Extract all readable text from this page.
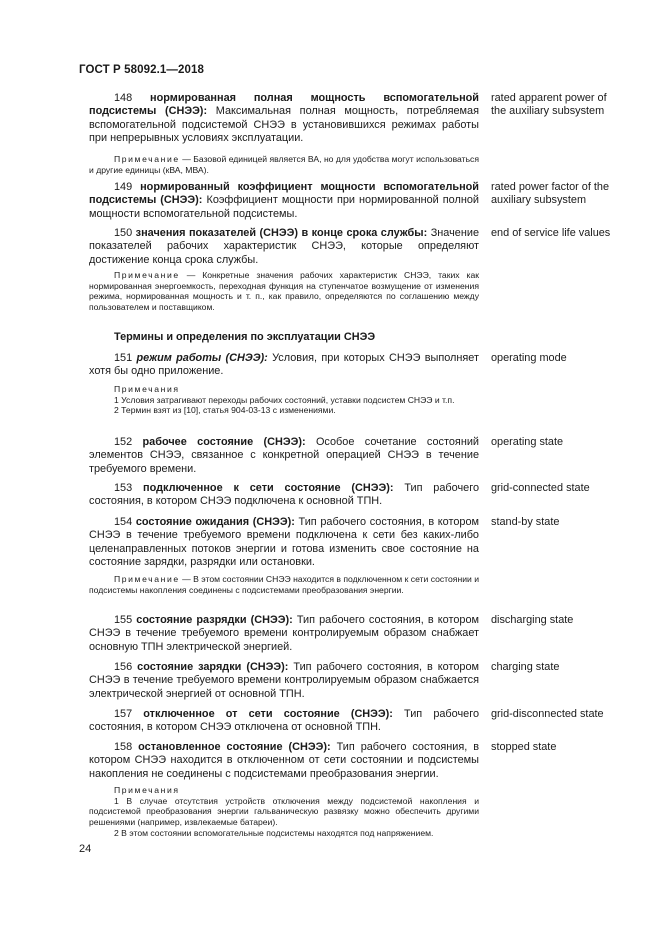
ГОСТ Р 58092.1—2018
148 нормированная полная мощность вспомогательной подсистемы (СНЭЭ): Максимальная полная мощность, потребляемая вспомогательной подсистемой СНЭЭ в установившихся режимах работы при непрерывных условиях эксплуатации.
rated apparent power of the auxiliary subsystem
Примечание — Базовой единицей является ВА, но для удобства могут использоваться и другие единицы (кВА, МВА).
149 нормированный коэффициент мощности вспомогательной подсистемы (СНЭЭ): Коэффициент мощности при нормированной полной мощности вспомогательной подсистемы.
rated power factor of the auxiliary subsystem
150 значения показателей (СНЭЭ) в конце срока службы: Значение показателей рабочих характеристик СНЭЭ, которые определяют достижение конца срока службы.
end of service life values
Примечание — Конкретные значения рабочих характеристик СНЭЭ, таких как нормированная энергоемкость, переходная функция на ступенчатое возмущение от изменения режима, нормированная мощность и т. п., как правило, определяются по соглашению между пользователем и поставщиком.
Термины и определения по эксплуатации СНЭЭ
151 режим работы (СНЭЭ): Условия, при которых СНЭЭ выполняет хотя бы одно приложение.
operating mode
Примечания
1 Условия затрагивают переходы рабочих состояний, уставки подсистем СНЭЭ и т.п.
2 Термин взят из [10], статья 904-03-13 с изменениями.
152 рабочее состояние (СНЭЭ): Особое сочетание состояний элементов СНЭЭ, связанное с конкретной операцией СНЭЭ в течение требуемого времени.
operating state
153 подключенное к сети состояние (СНЭЭ): Тип рабочего состояния, в котором СНЭЭ подключена к основной ТПН.
grid-connected state
154 состояние ожидания (СНЭЭ): Тип рабочего состояния, в котором СНЭЭ в течение требуемого времени подключена к сети без каких-либо целенаправленных потоков энергии и готова изменить свое состояние на состояние зарядки, разрядки или остановки.
stand-by state
Примечание — В этом состоянии СНЭЭ находится в подключенном к сети состоянии и подсистемы накопления соединены с подсистемами преобразования энергии.
155 состояние разрядки (СНЭЭ): Тип рабочего состояния, в котором СНЭЭ в течение требуемого времени контролируемым образом снабжает основную ТПН электрической энергией.
discharging state
156 состояние зарядки (СНЭЭ): Тип рабочего состояния, в котором СНЭЭ в течение требуемого времени контролируемым образом снабжается электрической энергией от основной ТПН.
charging state
157 отключенное от сети состояние (СНЭЭ): Тип рабочего состояния, в котором СНЭЭ отключена от основной ТПН.
grid-disconnected state
158 остановленное состояние (СНЭЭ): Тип рабочего состояния, в котором СНЭЭ находится в отключенном от сети состоянии и подсистемы накопления не соединены с подсистемами преобразования энергии.
stopped state
Примечания
1 В случае отсутствия устройств отключения между подсистемой накопления и подсистемой преобразования энергии гальваническую развязку можно обеспечить другими решениями (например, извлекаемые батареи).
2 В этом состоянии вспомогательные подсистемы находятся под напряжением.
24
